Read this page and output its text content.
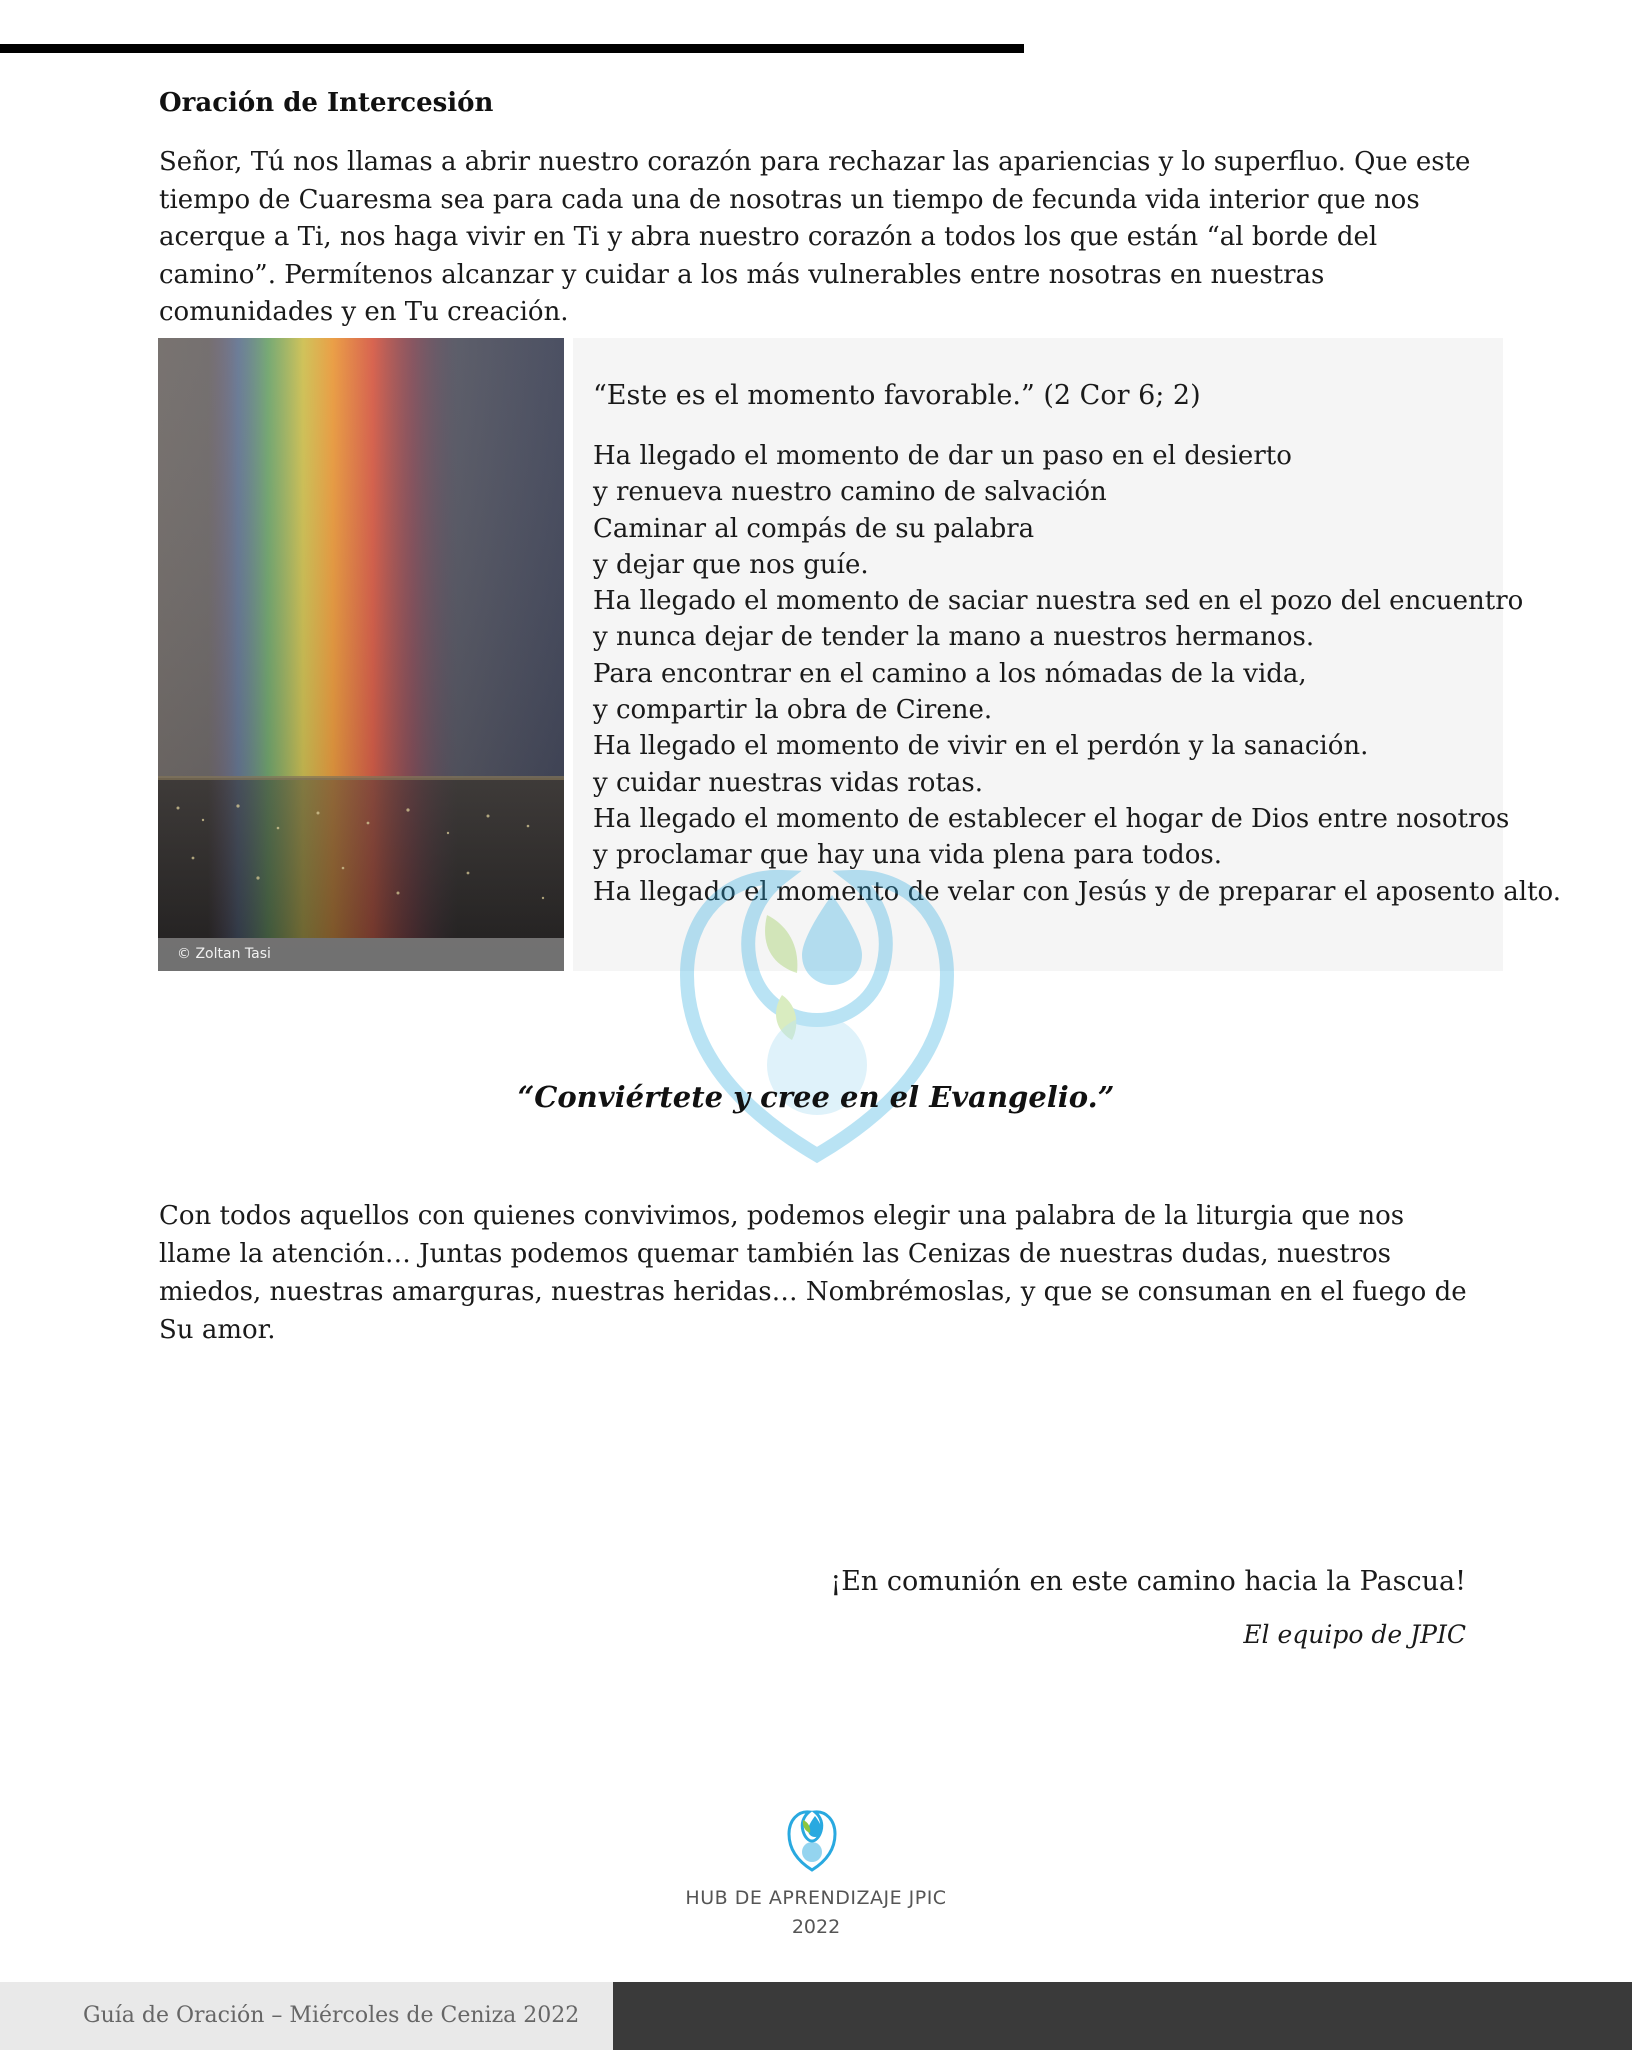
Oración de Intercesión

Señor, Tú nos llamas a abrir nuestro corazón para rechazar las apariencias y lo superfluo. Que este tiempo de Cuaresma sea para cada una de nosotras un tiempo de fecunda vida interior que nos acerque a Ti, nos haga vivir en Ti y abra nuestro corazón a todos los que están “al borde del camino”. Permítenos alcanzar y cuidar a los más vulnerables entre nosotras en nuestras comunidades y en Tu creación.

© Zoltan Tasi

“Este es el momento favorable.” (2 Cor 6; 2)

Ha llegado el momento de dar un paso en el desierto
y renueva nuestro camino de salvación
Caminar al compás de su palabra
y dejar que nos guíe.
Ha llegado el momento de saciar nuestra sed en el pozo del encuentro
y nunca dejar de tender la mano a nuestros hermanos.
Para encontrar en el camino a los nómadas de la vida,
y compartir la obra de Cirene.
Ha llegado el momento de vivir en el perdón y la sanación.
y cuidar nuestras vidas rotas.
Ha llegado el momento de establecer el hogar de Dios entre nosotros
y proclamar que hay una vida plena para todos.
Ha llegado el momento de velar con Jesús y de preparar el aposento alto.

“Conviértete y cree en el Evangelio.”

Con todos aquellos con quienes convivimos, podemos elegir una palabra de la liturgia que nos llame la atención… Juntas podemos quemar también las Cenizas de nuestras dudas, nuestros miedos, nuestras amarguras, nuestras heridas… Nombrémoslas, y que se consuman en el fuego de Su amor.

¡En comunión en este camino hacia la Pascua!

El equipo de JPIC

HUB DE APRENDIZAJE JPIC

2022

Guía de Oración – Miércoles de Ceniza 2022
